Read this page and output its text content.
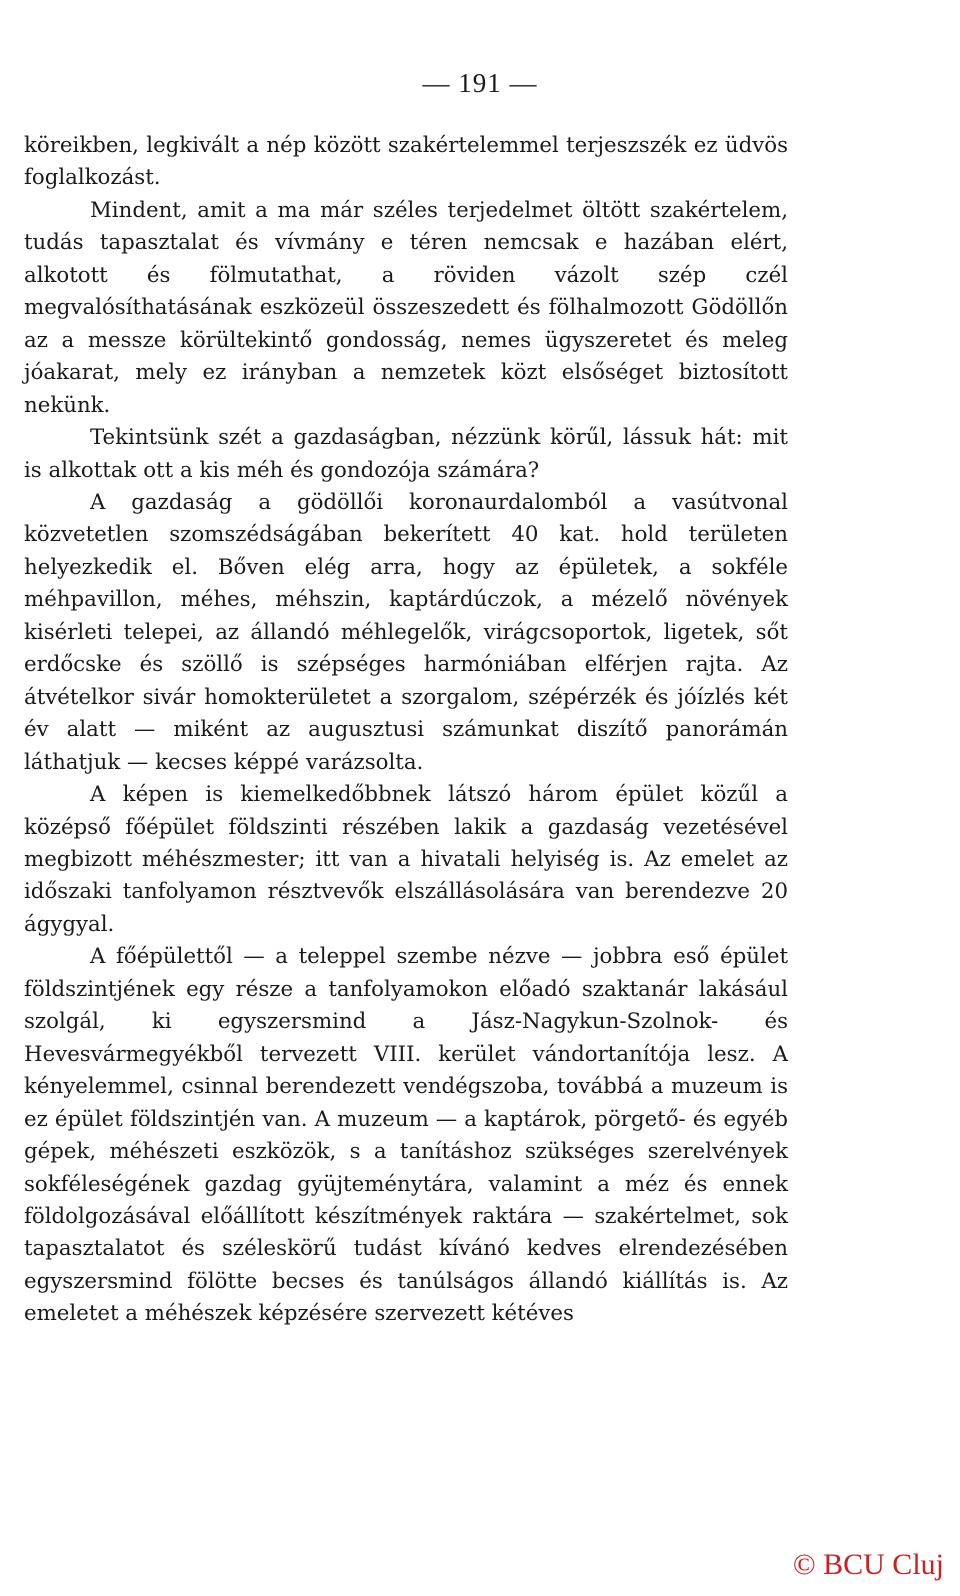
— 191 —

köreikben, legkivált a nép között szakértelemmel terjeszszék ez üdvös foglalkozást.

Mindent, amit a ma már széles terjedelmet öltött szakértelem, tudás tapasztalat és vívmány e téren nemcsak e hazában elért, alkotott és fölmutathat, a röviden vázolt szép czél megvalósíthatásának eszközeül összeszedett és fölhalmozott Gödöllőn az a messze körültekintő gondosság, nemes ügyszeretet és meleg jóakarat, mely ez irányban a nemzetek közt elsőséget biztosított nekünk.

Tekintsünk szét a gazdaságban, nézzünk körűl, lássuk hát: mit is alkottak ott a kis méh és gondozója számára?

A gazdaság a gödöllői koronaurdalomból a vasútvonal közvetetlen szomszédságában bekerített 40 kat. hold területen helyezkedik el. Bőven elég arra, hogy az épületek, a sokféle méhpavillon, méhes, méhszin, kaptárdúczok, a mézelő növények kisérleti telepei, az állandó méhlegelők, virágcsoportok, ligetek, sőt erdőcske és szöllő is szépséges harmóniában elférjen rajta. Az átvételkor sivár homokterületet a szorgalom, szépérzék és jóízlés két év alatt — miként az augusztusi számunkat diszítő panorámán láthatjuk — kecses képpé varázsolta.

A képen is kiemelkedőbbnek látszó három épület közűl a középső főépület földszinti részében lakik a gazdaság vezetésével megbizott méhészmester; itt van a hivatali helyiség is. Az emelet az időszaki tanfolyamon résztvevők elszállásolására van berendezve 20 ágygyal.

A főépülettől — a teleppel szembe nézve — jobbra eső épület földszintjének egy része a tanfolyamokon előadó szaktanár lakásául szolgál, ki egyszersmind a Jász-Nagykun-Szolnok- és Hevesvármegyékből tervezett VIII. kerület vándortanítója lesz. A kényelemmel, csinnal berendezett vendégszoba, továbbá a muzeum is ez épület földszintjén van. A muzeum — a kaptárok, pörgető- és egyéb gépek, méhészeti eszközök, s a tanításhoz szükséges szerelvények sokféleségének gazdag gyüjteménytára, valamint a méz és ennek földolgozásával előállított készítmények raktára — szakértelmet, sok tapasztalatot és széleskörű tudást kívánó kedves elrendezésében egyszersmind fölötte becses és tanúlságos állandó kiállítás is. Az emeletet a méhészek képzésére szervezett kétéves

© BCU Cluj
